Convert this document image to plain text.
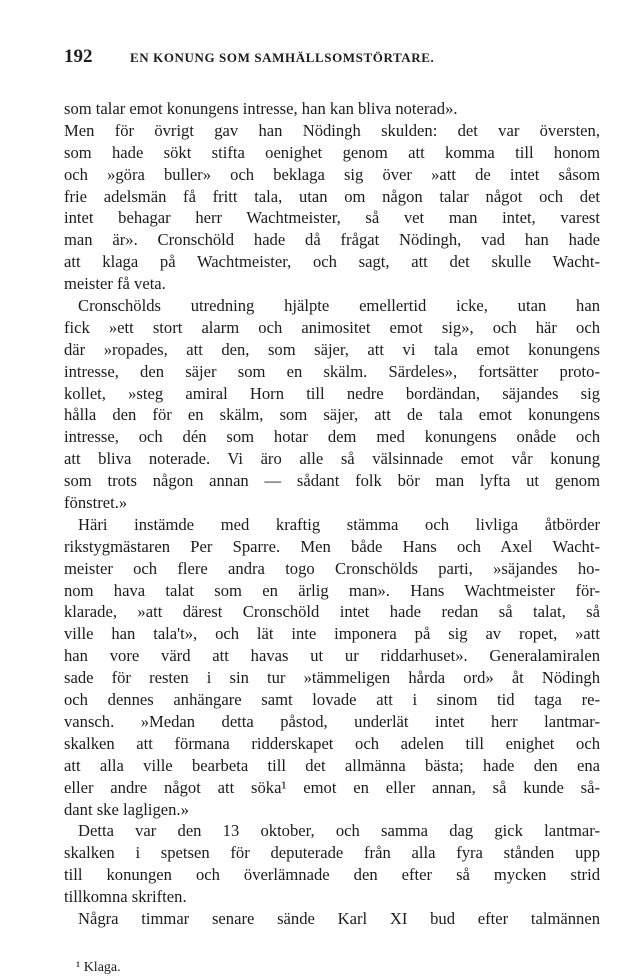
192	EN KONUNG SOM SAMHÄLLSOMSTÖRTARE.
som talar emot konungens intresse, han kan bliva noterad».
Men för övrigt gav han Nödingh skulden: det var översten,
som hade sökt stifta oenighet genom att komma till honom
och »göra buller» och beklaga sig över »att de intet såsom
frie adelsmän få fritt tala, utan om någon talar något och det
intet behagar herr Wachtmeister, så vet man intet, varest
man är». Cronschöld hade då frågat Nödingh, vad han hade
att klaga på Wachtmeister, och sagt, att det skulle Wacht-
meister få veta.
Cronschölds utredning hjälpte emellertid icke, utan han
fick »ett stort alarm och animositet emot sig», och här och
där »ropades, att den, som säjer, att vi tala emot konungens
intresse, den säjer som en skälm. Särdeles», fortsätter proto-
kollet, »steg amiral Horn till nedre bordändan, säjandes sig
hålla den för en skälm, som säjer, att de tala emot konungens
intresse, och dén som hotar dem med konungens onåde och
att bliva noterade. Vi äro alle så välsinnade emot vår konung
som trots någon annan — sådant folk bör man lyfta ut genom
fönstret.»
Häri instämde med kraftig stämma och livliga åtbörder
rikstygmästaren Per Sparre. Men både Hans och Axel Wacht-
meister och flere andra togo Cronschölds parti, »säjandes ho-
nom hava talat som en ärlig man». Hans Wachtmeister för-
klarade, »att därest Cronschöld intet hade redan så talat, så
ville han tala't», och lät inte imponera på sig av ropet, »att
han vore värd att havas ut ur riddarhuset». Generalamiralen
sade för resten i sin tur »tämmeligen hårda ord» åt Nödingh
och dennes anhängare samt lovade att i sinom tid taga re-
vansch. »Medan detta påstod, underlät intet herr lantmar-
skalken att förmana ridderskapet och adelen till enighet och
att alla ville bearbeta till det allmänna bästa; hade den ena
eller andre något att söka¹ emot en eller annan, så kunde så-
dant ske lagligen.»
Detta var den 13 oktober, och samma dag gick lantmar-
skalken i spetsen för deputerade från alla fyra stånden upp
till konungen och överlämnade den efter så mycken strid
tillkomna skriften.
Några timmar senare sände Karl XI bud efter talmännen
¹ Klaga.
